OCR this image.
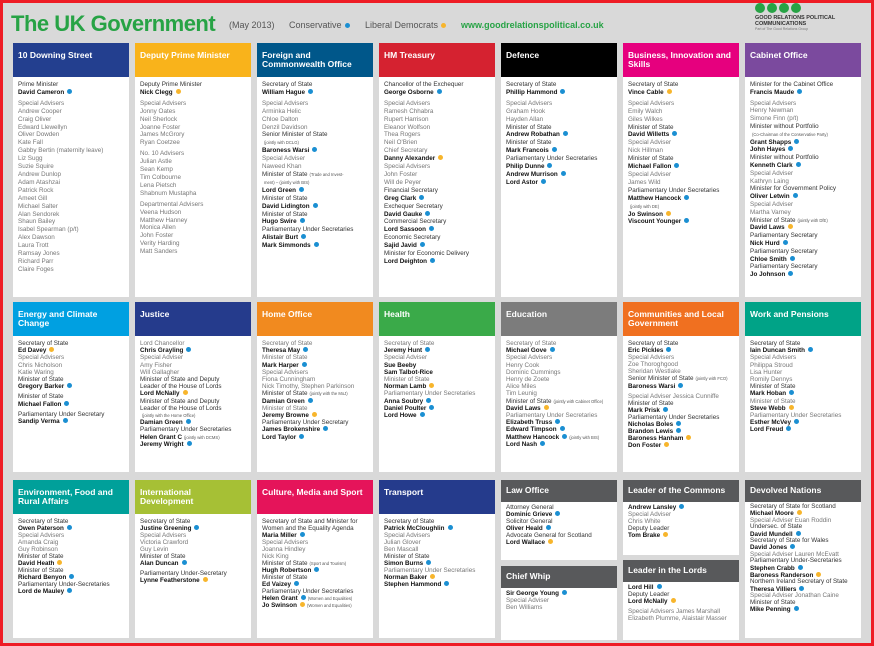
The UK Government (May 2013) Conservative	Liberal Democrats	www.goodrelationspolitical.co.uk
GOOD RELATIONS POLITICAL COMMUNICATIONS
Part of The Good Relations Group
10 Downing Street
Prime Minister
David Cameron
Special Advisers
Andrew Cooper
Craig Oliver
Edward Llewellyn
Oliver Dowden
Kate Fall
Gabby Bertin (maternity leave)
Liz Sugg
Suzie Squire
Andrew Dunlop
Adam Atashzai
Patrick Rock
Ameet Gill
Michael Salter
Alan Sendorek
Shaun Bailey
Isabel Spearman (p/t)
Alex Dawson
Laura Trott
Ramsay Jones
Richard Parr
Claire Foges
Deputy Prime Minister
Deputy Prime Minister
Nick Clegg
Special Advisers
Jonny Oates
Neil Sherlock
Joanne Foster
James McGrory
Ryan Coetzee
No. 10 Advisers
Julian Astle
Sean Kemp
Tim Colbourne
Lena Pietsch
Shabnum Mustapha
Departmental Advisers
Veena Hudson
Matthew Hanney
Monica Allen
John Foster
Verity Harding
Matt Sanders
Foreign and Commonwealth Office
Secretary of State
William Hague
Special Advisers
Arminka Helic
Chloe Dalton
Denzil Davidson
Senior Minister of State
(jointly with DCLG)
Baroness Warsi
Special Adviser
Naweed Khan
Minister of State (Trade and Invest-
ment) – (jointly with BIS)
Lord Green
Minister of State
David Lidington
Minister of State
Hugo Swire
Parliamentary Under Secretaries
Alistair Burt
Mark Simmonds
HM Treasury
Chancellor of the Exchequer
George Osborne
Special Advisers
Ramesh Chhabra
Rupert Harrison
Eleanor Wolfson
Thea Rogers
Neil O'Brien
Chief Secretary
Danny Alexander
Special Advisers
John Foster
Will de Peyer
Financial Secretary
Greg Clark
Exchequer Secretary
David Gauke
Commercial Secretary
Lord Sassoon
Economic Secretary
Sajid Javid
Minister for Economic Delivery
Lord Deighton
Defence
Secretary of State
Phillip Hammond
Special Advisers
Graham Hook
Hayden Allan
Minister of State
Andrew Robathan
Minister of State
Mark Francois
Parliamentary Under Secretaries
Philip Dunne
Andrew Murrison
Lord Astor
Business, Innovation and Skills
Secretary of State
Vince Cable
Special Advisers
Emily Walch
Giles Wilkes
Minister of State
David Willetts
Special Adviser
Nick Hillman
Minister of State
Michael Fallon
Special Adviser
James Wild
Parliamentary Under Secretaries
Matthew Hancock
(jointly with DE)
Jo Swinson
Viscount Younger
Cabinet Office
Minister for the Cabinet Office
Francis Maude
Special Advisers
Henry Newman
Simone Finn (p/t)
Minister without Portfolio
(Co-Chairman of the Conservative Party)
Grant Shapps
John Hayes
Minister without Portfolio
Kenneth Clark
Special Adviser
Kathryn Laing
Minister for Government Policy
Oliver Letwin
Special Adviser
Martha Varney
Minister of State (jointly with DfE)
David Laws
Parliamentary Secretary
Nick Hurd
Parliamentary Secretary
Chloe Smith
Parliamentary Secretary
Jo Johnson
Energy and Climate Change
Secretary of State
Ed Davey
Special Advisers
Chris Nicholson
Katie Waring
Minister of State
Gregory Barker
Minister of State
Michael Fallon
Parliamentary Under Secretary
Sandip Verma
Justice
Lord Chancellor
Chris Grayling
Special Adviser
Amy Fisher
Will Gallagher
Minister of State and Deputy
Leader of the House of Lords
Lord McNally
Minister of State and Deputy
Leader of the House of Lords
(jointly with the Home Office)
Damian Green
Parliamentary Under Secretaries
Helen Grant C (jointly with DCMS)
Jeremy Wright
Home Office
Secretary of State
Theresa May
Minister of State
Mark Harper
Special Advisers
Fiona Cunningham
Nick Timothy, Stephen Parkinson
Minister of State (jointly with the MoJ)
Damian Green
Minister of State
Jeremy Browne
Parliamentary Under Secretary
James Brokenshire
Lord Taylor
Health
Secretary of State
Jeremy Hunt
Special Adviser
Sue Beeby
Sam Talbot-Rice
Minister of State
Norman Lamb
Parliamentary Under Secretaries
Anna Soubry
Daniel Poulter
Lord Howe
Education
Secretary of State
Michael Gove
Special Advisers
Henry Cook
Dominic Cummings
Henry de Zoete
Alice Miles
Tim Leunig
Minister of State (jointly with Cabinet Office)
David Laws
Parliamentary Under Secretaries
Elizabeth Truss
Edward Timpson
Matthew Hancock (jointly with BIS)
Lord Nash
Communities and Local Government
Secretary of State
Eric Pickles
Special Advisers
Zoe Thoroghgood
Sheridan Westlake
Senior Minister of State (jointly with FCO)
Baroness Warsi
Special Adviser Jessica Cunniffe
Minister of State
Mark Prisk
Parliamentary Under Secretaries
Nicholas Boles
Brandon Lewis
Baroness Hanham
Don Foster
Work and Pensions
Secretary of State
Iain Duncan Smith
Special Advisers
Philippa Stroud
Lisa Hunter
Romily Dennys
Minister of State
Mark Hoban
Minister of State
Steve Webb
Parliamentary Under Secretaries
Esther McVey
Lord Freud
Environment, Food and Rural Affairs
Secretary of State
Owen Paterson
Special Advisers
Amanda Craig
Guy Robinson
Minister of State
David Heath
Minister of State
Richard Benyon
Parliamentary Under-Secretaries
Lord de Mauley
International Development
Secretary of State
Justine Greening
Special Advisers
Victoria Crawford
Guy Levin
Minister of State
Alan Duncan
Parliamentary Under-Secretary
Lynne Featherstone
Culture, Media and Sport
Secretary of State and Minister for
Women and the Equality Agenda
Maria Miller
Special Advisers
Joanna Hindley
Nick King
Minister of State (Sport and Tourism)
Hugh Robertson
Minister of State
Ed Vaizey
Parliamentary Under Secretaries
Helen Grant (Women and Equalities)
Jo Swinson (Women and Equalities)
Transport
Secretary of State
Patrick McCloughlin
Special Advisers
Julian Glover
Ben Mascall
Minister of State
Simon Burns
Parliamentary Under Secretaries
Norman Baker
Stephen Hammond
Law Office
Attorney General
Dominic Grieve
Solicitor General
Oliver Heald
Advocate General for Scotland
Lord Wallace
Chief Whip
Sir George Young
Special Adviser
Ben Williams
Leader of the Commons
Andrew Lansley
Special Adviser
Chris White
Deputy Leader
Tom Brake
Leader in the Lords
Lord Hill
Deputy Leader
Lord McNally
Special Advisers James Marshall
Elizabeth Plumme, Alaistair Masser
Devolved Nations
Secretary of State for Scotland
Michael Moore
Special Adviser Euan Roddin
Undersec. of State
David Mundell
Secretary of State for Wales
David Jones
Special Adviser Lauren McEvatt
Parliamentary Under-Secretaries
Stephen Crabb
Baroness Randerson
Northern Ireland Secretary of State
Theresa Villiers
Special Adviser Jonathan Caine
Minister of State
Mike Penning
